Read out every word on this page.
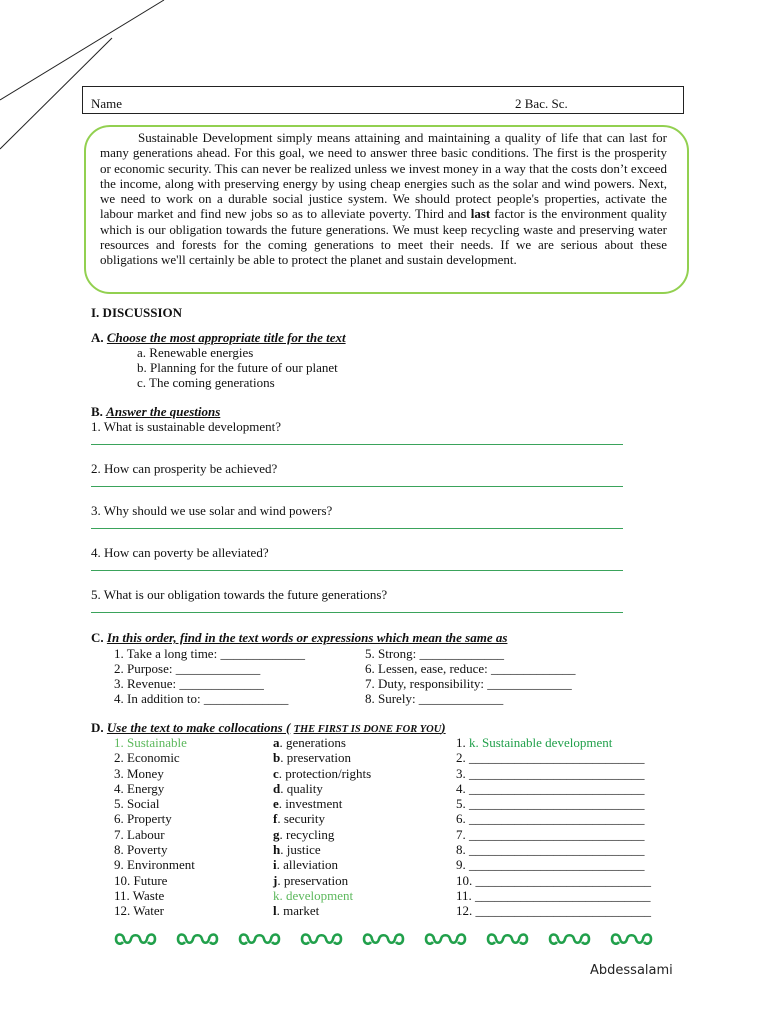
Name	2 Bac. Sc.

Sustainable Development simply means attaining and maintaining a quality of life that can last for many generations ahead. For this goal, we need to answer three basic conditions. The first is the prosperity or economic security. This can never be realized unless we invest money in a way that the costs don’t exceed the income, along with preserving energy by using cheap energies such as the solar and wind powers. Next, we need to work on a durable social justice system. We should protect people's properties, activate the labour market and find new jobs so as to alleviate poverty. Third and last factor is the environment quality which is our obligation towards the future generations. We must keep recycling waste and preserving water resources and forests for the coming generations to meet their needs. If we are serious about these obligations we'll certainly be able to protect the planet and sustain development.

I. DISCUSSION
A. Choose the most appropriate title for the text
a. Renewable energies
b. Planning for the future of our planet
c. The coming generations
B. Answer the questions
1. What is sustainable development?
2. How can prosperity be achieved?
3. Why should we use solar and wind powers?
4. How can poverty be alleviated?
5. What is our obligation towards the future generations?
C. In this order, find in the text words or expressions which mean the same as
1. Take a long time: _____________
2. Purpose: _____________
3. Revenue: _____________
4. In addition to: _____________
5. Strong: _____________
6. Lessen, ease, reduce: _____________
7. Duty, responsibility: _____________
8. Surely: _____________
D. Use the text to make collocations ( THE FIRST IS DONE FOR YOU)
1. Sustainable
2. Economic
3. Money
4. Energy
5. Social
6. Property
7. Labour
8. Poverty
9. Environment
10. Future
11. Waste
12. Water
a. generations
b. preservation
c. protection/rights
d. quality
e. investment
f. security
g. recycling
h. justice
i. alleviation
j. preservation
k. development
l. market
1. k. Sustainable development
2. ___________________________
3. ___________________________
4. ___________________________
5. ___________________________
6. ___________________________
7. ___________________________
8. ___________________________
9. ___________________________
10. ___________________________
11. ___________________________
12. ___________________________
Abdessalami
